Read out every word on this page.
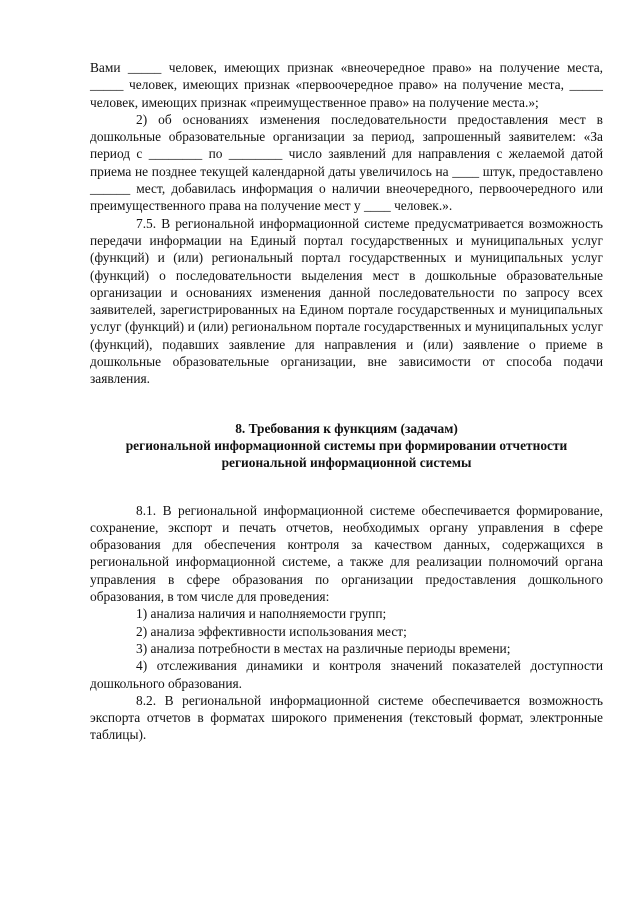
Вами _____ человек, имеющих признак «внеочередное право» на получение места, _____ человек, имеющих признак «первоочередное право» на получение места, _____ человек, имеющих признак «преимущественное право» на получение места.»;

2) об основаниях изменения последовательности предоставления мест в дошкольные образовательные организации за период, запрошенный заявителем: «За период с ________ по ________ число заявлений для направления с желаемой датой приема не позднее текущей календарной даты увеличилось на ____ штук, предоставлено ______ мест, добавилась информация о наличии внеочередного, первоочередного или преимущественного права на получение мест у ____ человек.».

7.5. В региональной информационной системе предусматривается возможность передачи информации на Единый портал государственных и муниципальных услуг (функций) и (или) региональный портал государственных и муниципальных услуг (функций) о последовательности выделения мест в дошкольные образовательные организации и основаниях изменения данной последовательности по запросу всех заявителей, зарегистрированных на Едином портале государственных и муниципальных услуг (функций) и (или) региональном портале государственных и муниципальных услуг (функций), подавших заявление для направления и (или) заявление о приеме в дошкольные образовательные организации, вне зависимости от способа подачи заявления.

8. Требования к функциям (задачам)
региональной информационной системы при формировании отчетности
региональной информационной системы

8.1. В региональной информационной системе обеспечивается формирование, сохранение, экспорт и печать отчетов, необходимых органу управления в сфере образования для обеспечения контроля за качеством данных, содержащихся в региональной информационной системе, а также для реализации полномочий органа управления в сфере образования по организации предоставления дошкольного образования, в том числе для проведения:

1) анализа наличия и наполняемости групп;

2) анализа эффективности использования мест;

3) анализа потребности в местах на различные периоды времени;

4) отслеживания динамики и контроля значений показателей доступности дошкольного образования.

8.2. В региональной информационной системе обеспечивается возможность экспорта отчетов в форматах широкого применения (текстовый формат, электронные таблицы).
